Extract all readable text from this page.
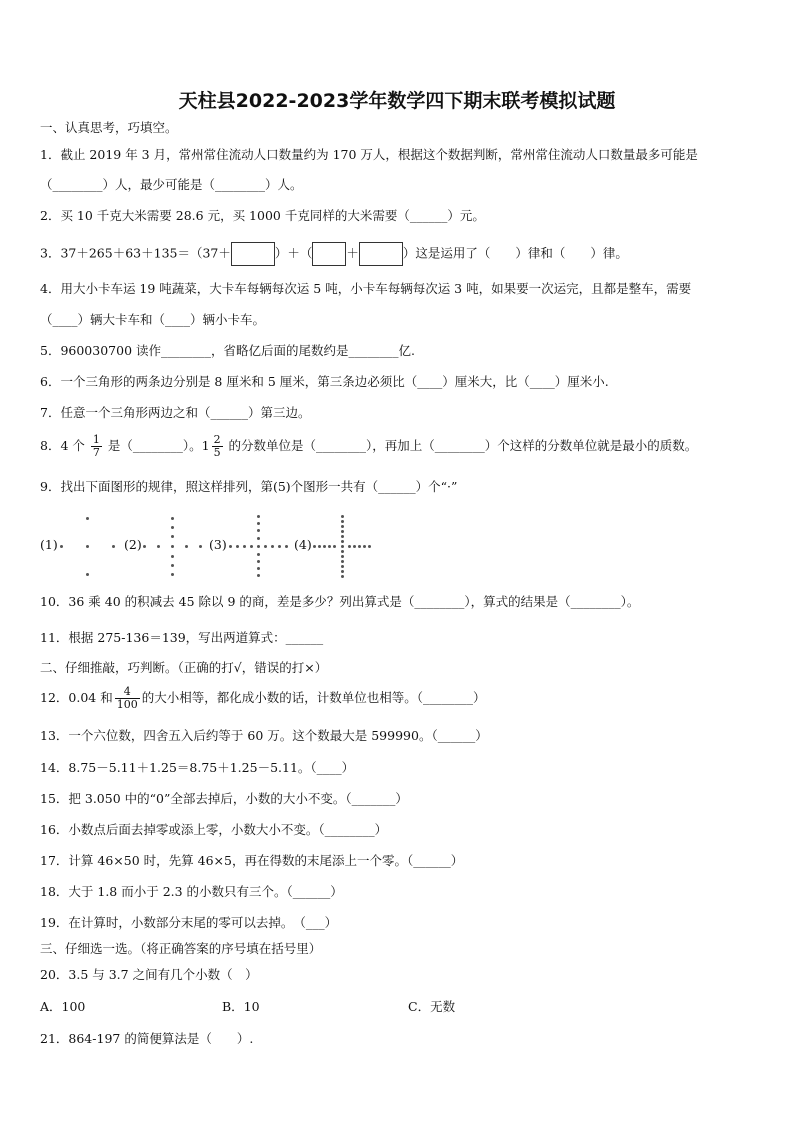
天柱县2022-2023学年数学四下期末联考模拟试题
一、认真思考，巧填空。
1．截止 2019 年 3 月，常州常住流动人口数量约为 170 万人，根据这个数据判断，常州常住流动人口数量最多可能是
（________）人，最少可能是（________）人。
2．买 10 千克大米需要 28.6 元，买 1000 千克同样的大米需要（______）元。
3．37＋265＋63＋135＝（37＋	）＋（	＋	）这是运用了（　　）律和（　　）律。
4．用大小卡车运 19 吨蔬菜，大卡车每辆每次运 5 吨，小卡车每辆每次运 3 吨，如果要一次运完，且都是整车，需要
（____）辆大卡车和（____）辆小卡车。
5．960030700 读作________，省略亿后面的尾数约是________亿.
6．一个三角形的两条边分别是 8 厘米和 5 厘米，第三条边必须比（____）厘米大，比（____）厘米小.
7．任意一个三角形两边之和（______）第三边。
8．4 个 $\frac{1}{7}$ 是（________）。$1 \frac{2}{5}$ 的分数单位是（________），再加上（________）个这样的分数单位就是最小的质数。
9．找出下面图形的规律，照这样排列，第(5)个图形一共有（______）个“·”
(1)	(2)	(3)	(4)
10．36 乘 40 的积减去 45 除以 9 的商，差是多少？列出算式是（________），算式的结果是（________）。
11．根据 275-136＝139，写出两道算式：______
二、仔细推敲，巧判断。（正确的打√，错误的打×）
12．0.04 和 $\frac{4}{100}$ 的大小相等，都化成小数的话，计数单位也相等。（________）
13．一个六位数，四舍五入后约等于 60 万。这个数最大是 599990。（______）
14．8.75－5.11＋1.25＝8.75＋1.25－5.11。（____）
15．把 3.050 中的“0”全部去掉后，小数的大小不变。（_______）
16．小数点后面去掉零或添上零，小数大小不变。（________）
17．计算 46×50 时，先算 46×5，再在得数的末尾添上一个零。（______）
18．大于 1.8 而小于 2.3 的小数只有三个。（______）
19．在计算时，小数部分末尾的零可以去掉。　（___）
三、仔细选一选。（将正确答案的序号填在括号里）
20．3.5 与 3.7 之间有几个小数（　）
A．100	B．10	C．无数
21．864-197 的简便算法是（　　）.
